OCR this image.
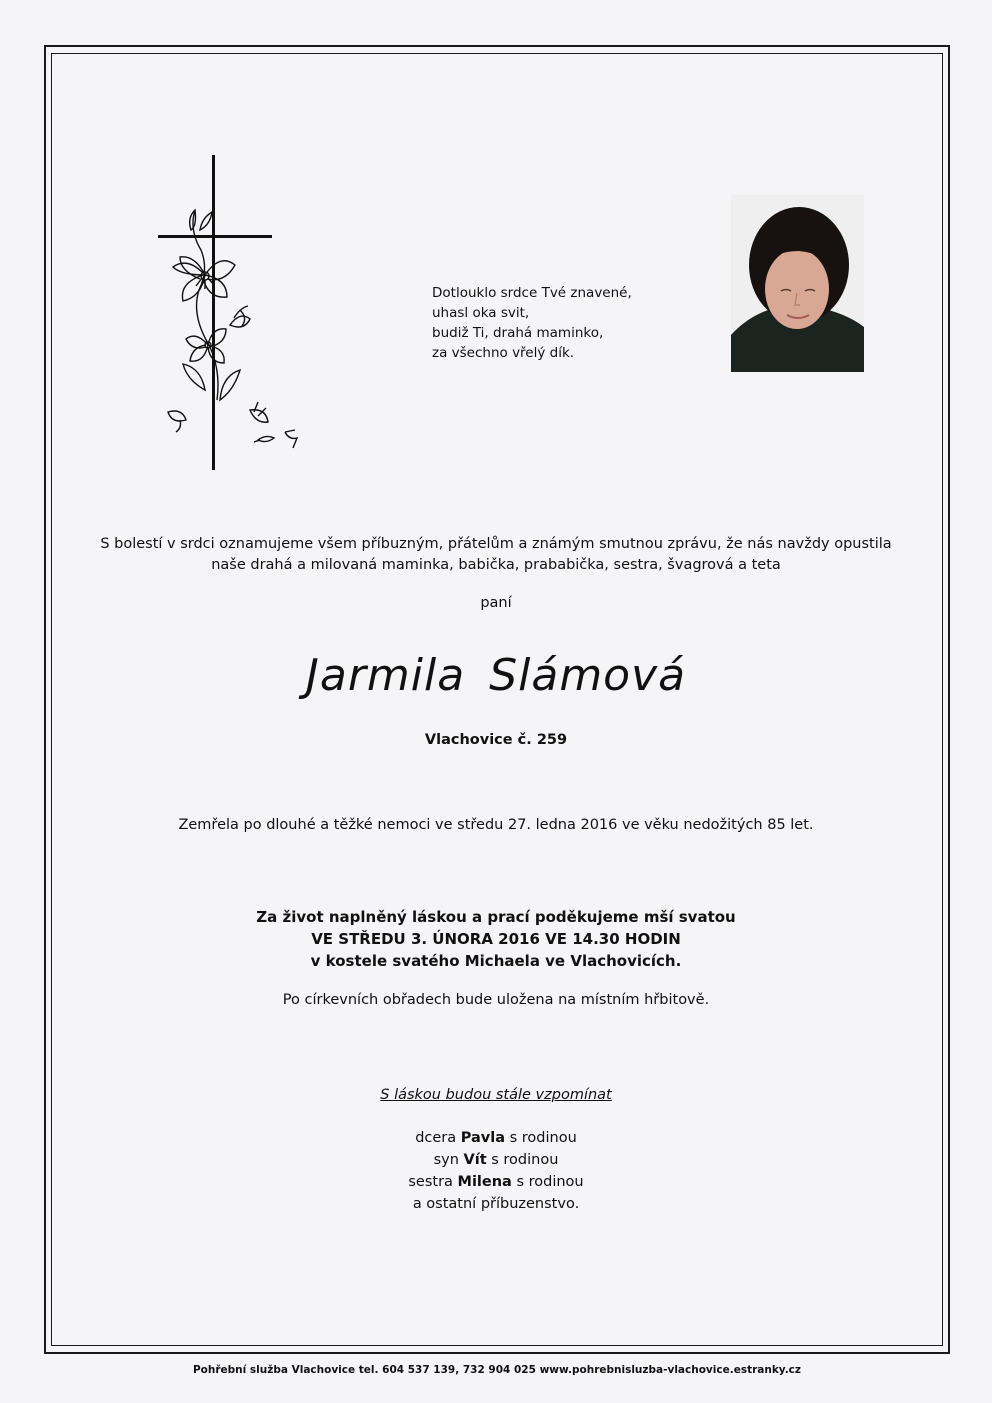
Dotlouklo srdce Tvé znavené,
uhasl oka svit,
budiž Ti, drahá maminko,
za všechno vřelý dík.
S bolestí v srdci oznamujeme všem příbuzným, přátelům a známým smutnou zprávu, že nás navždy opustila
naše drahá a milovaná maminka, babička, prababička, sestra, švagrová a teta
paní
Jarmila Slámová
Vlachovice č. 259
Zemřela po dlouhé a těžké nemoci ve středu 27. ledna 2016 ve věku nedožitých 85 let.
Za život naplněný láskou a prací poděkujeme mší svatou
VE STŘEDU 3. ÚNORA 2016 VE 14.30 HODIN
v kostele svatého Michaela ve Vlachovicích.
Po církevních obřadech bude uložena na místním hřbitově.
S láskou budou stále vzpomínat
dcera Pavla s rodinou
syn Vít s rodinou
sestra Milena s rodinou
a ostatní příbuzenstvo.
Pohřební služba Vlachovice tel. 604 537 139, 732 904 025 www.pohrebnisluzba-vlachovice.estranky.cz
